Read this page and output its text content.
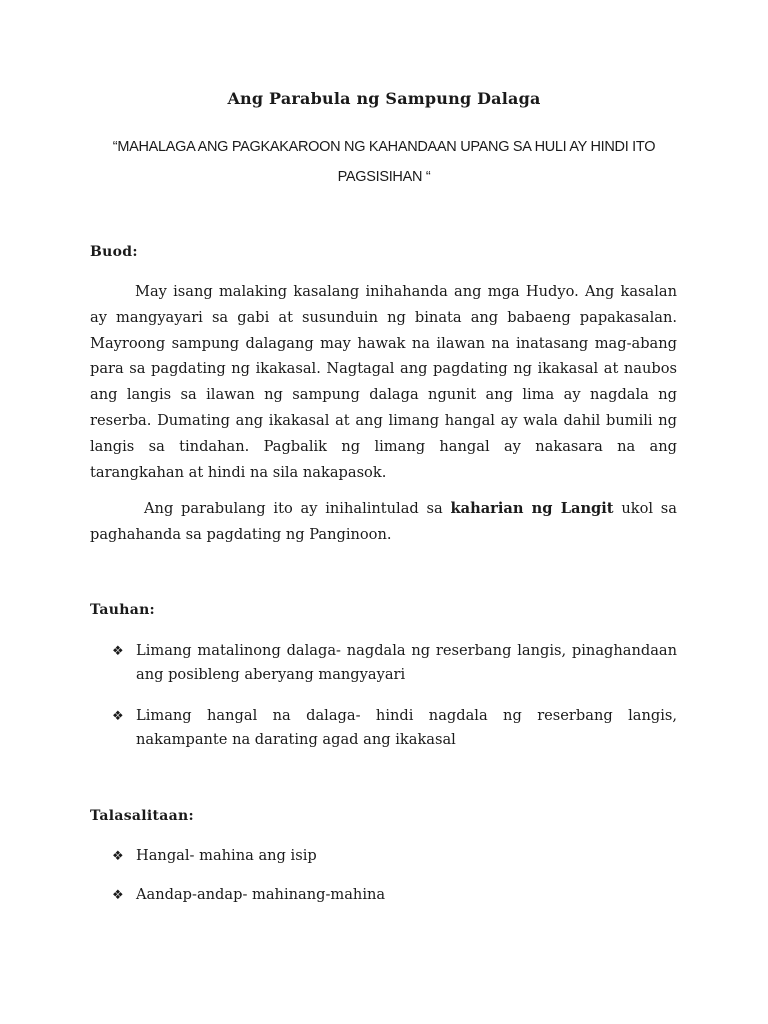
Ang Parabula ng Sampung Dalaga
“MAHALAGA ANG PAGKAKAROON NG KAHANDAAN UPANG SA HULI AY HINDI ITO PAGSISIHAN “
Buod:
May isang malaking kasalang inihahanda ang mga Hudyo. Ang kasalan ay mangyayari sa gabi at susunduin ng binata ang babaeng papakasalan. Mayroong sampung dalagang may hawak na ilawan na inatasang mag-abang para sa pagdating ng ikakasal. Nagtagal ang pagdating ng ikakasal at naubos ang langis sa ilawan ng sampung dalaga ngunit ang lima ay nagdala ng reserba. Dumating ang ikakasal at ang limang hangal ay wala dahil bumili ng langis sa tindahan. Pagbalik ng limang hangal ay nakasara na ang tarangkahan at hindi na sila nakapasok.
Ang parabulang ito ay inihalintulad sa kaharian ng Langit ukol sa paghahanda sa pagdating ng Panginoon.
Tauhan:
❖ Limang matalinong dalaga- nagdala ng reserbang langis, pinaghandaan ang posibleng aberyang mangyayari
❖ Limang hangal na dalaga- hindi nagdala ng reserbang langis, nakampante na darating agad ang ikakasal
Talasalitaan:
❖ Hangal- mahina ang isip
❖ Aandap-andap- mahinang-mahina
